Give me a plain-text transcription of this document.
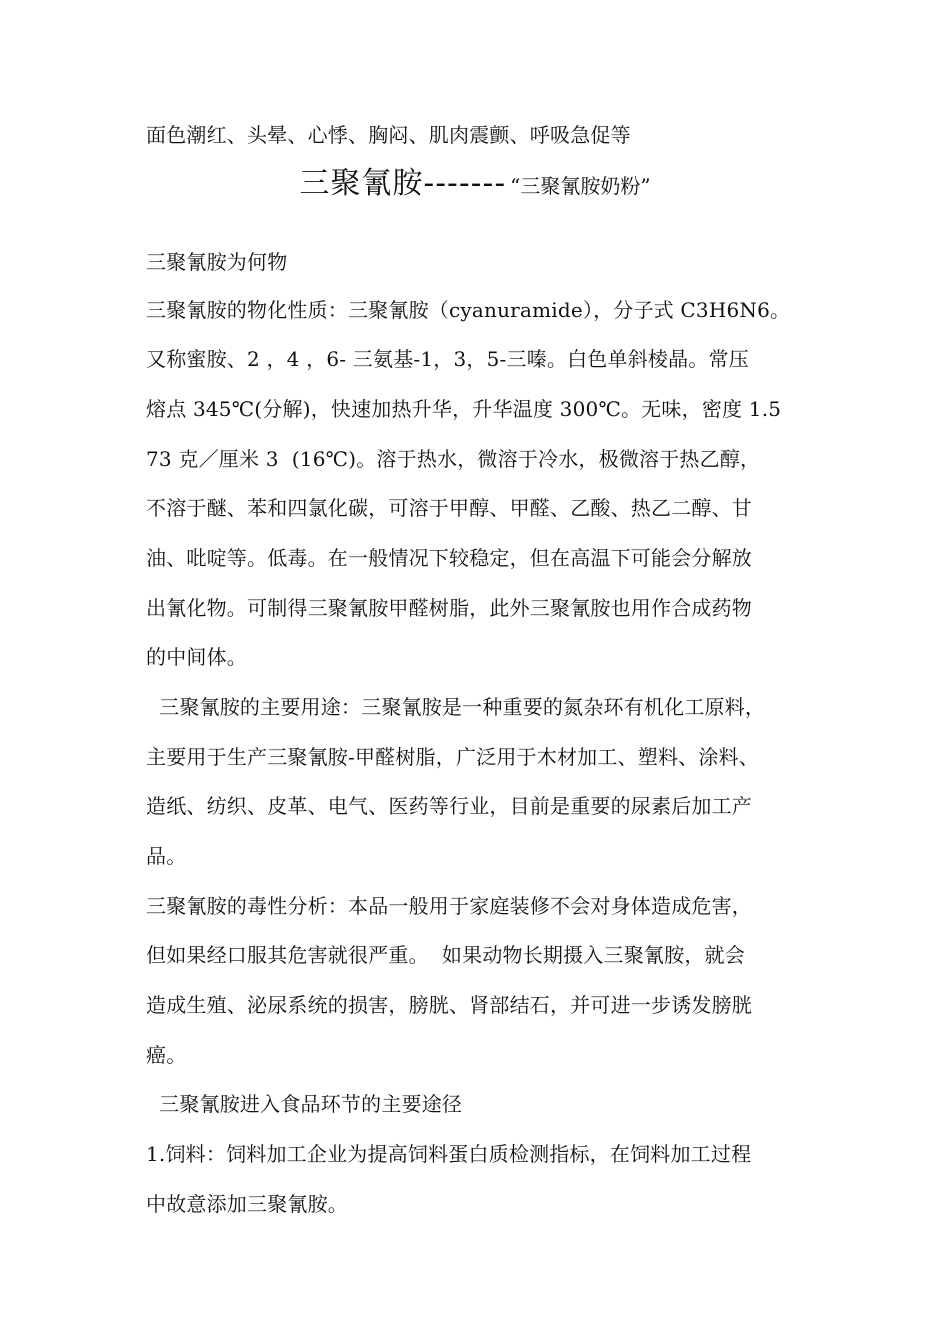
面色潮红、头晕、心悸、胸闷、肌肉震颤、呼吸急促等
三聚氰胺------- “三聚氰胺奶粉”
三聚氰胺为何物
三聚氰胺的物化性质：三聚氰胺（cyanuramide），分子式 C3H6N6。
又称蜜胺、2 ，4 ，6- 三氨基-1，3，5-三嗪。白色单斜棱晶。常压
熔点 345℃(分解)，快速加热升华，升华温度 300℃。无味，密度 1.5
73 克／厘米 3  (16℃)。溶于热水，微溶于冷水，极微溶于热乙醇，
不溶于醚、苯和四氯化碳，可溶于甲醇、甲醛、乙酸、热乙二醇、甘
油、吡啶等。低毒。在一般情况下较稳定，但在高温下可能会分解放
出氰化物。可制得三聚氰胺甲醛树脂，此外三聚氰胺也用作合成药物
的中间体。
三聚氰胺的主要用途：三聚氰胺是一种重要的氮杂环有机化工原料，
主要用于生产三聚氰胺-甲醛树脂，广泛用于木材加工、塑料、涂料、
造纸、纺织、皮革、电气、医药等行业，目前是重要的尿素后加工产
品。
三聚氰胺的毒性分析：本品一般用于家庭装修不会对身体造成危害，
但如果经口服其危害就很严重。  如果动物长期摄入三聚氰胺，就会
造成生殖、泌尿系统的损害，膀胱、肾部结石，并可进一步诱发膀胱
癌。
三聚氰胺进入食品环节的主要途径
1.饲料：饲料加工企业为提高饲料蛋白质检测指标，在饲料加工过程
中故意添加三聚氰胺。
